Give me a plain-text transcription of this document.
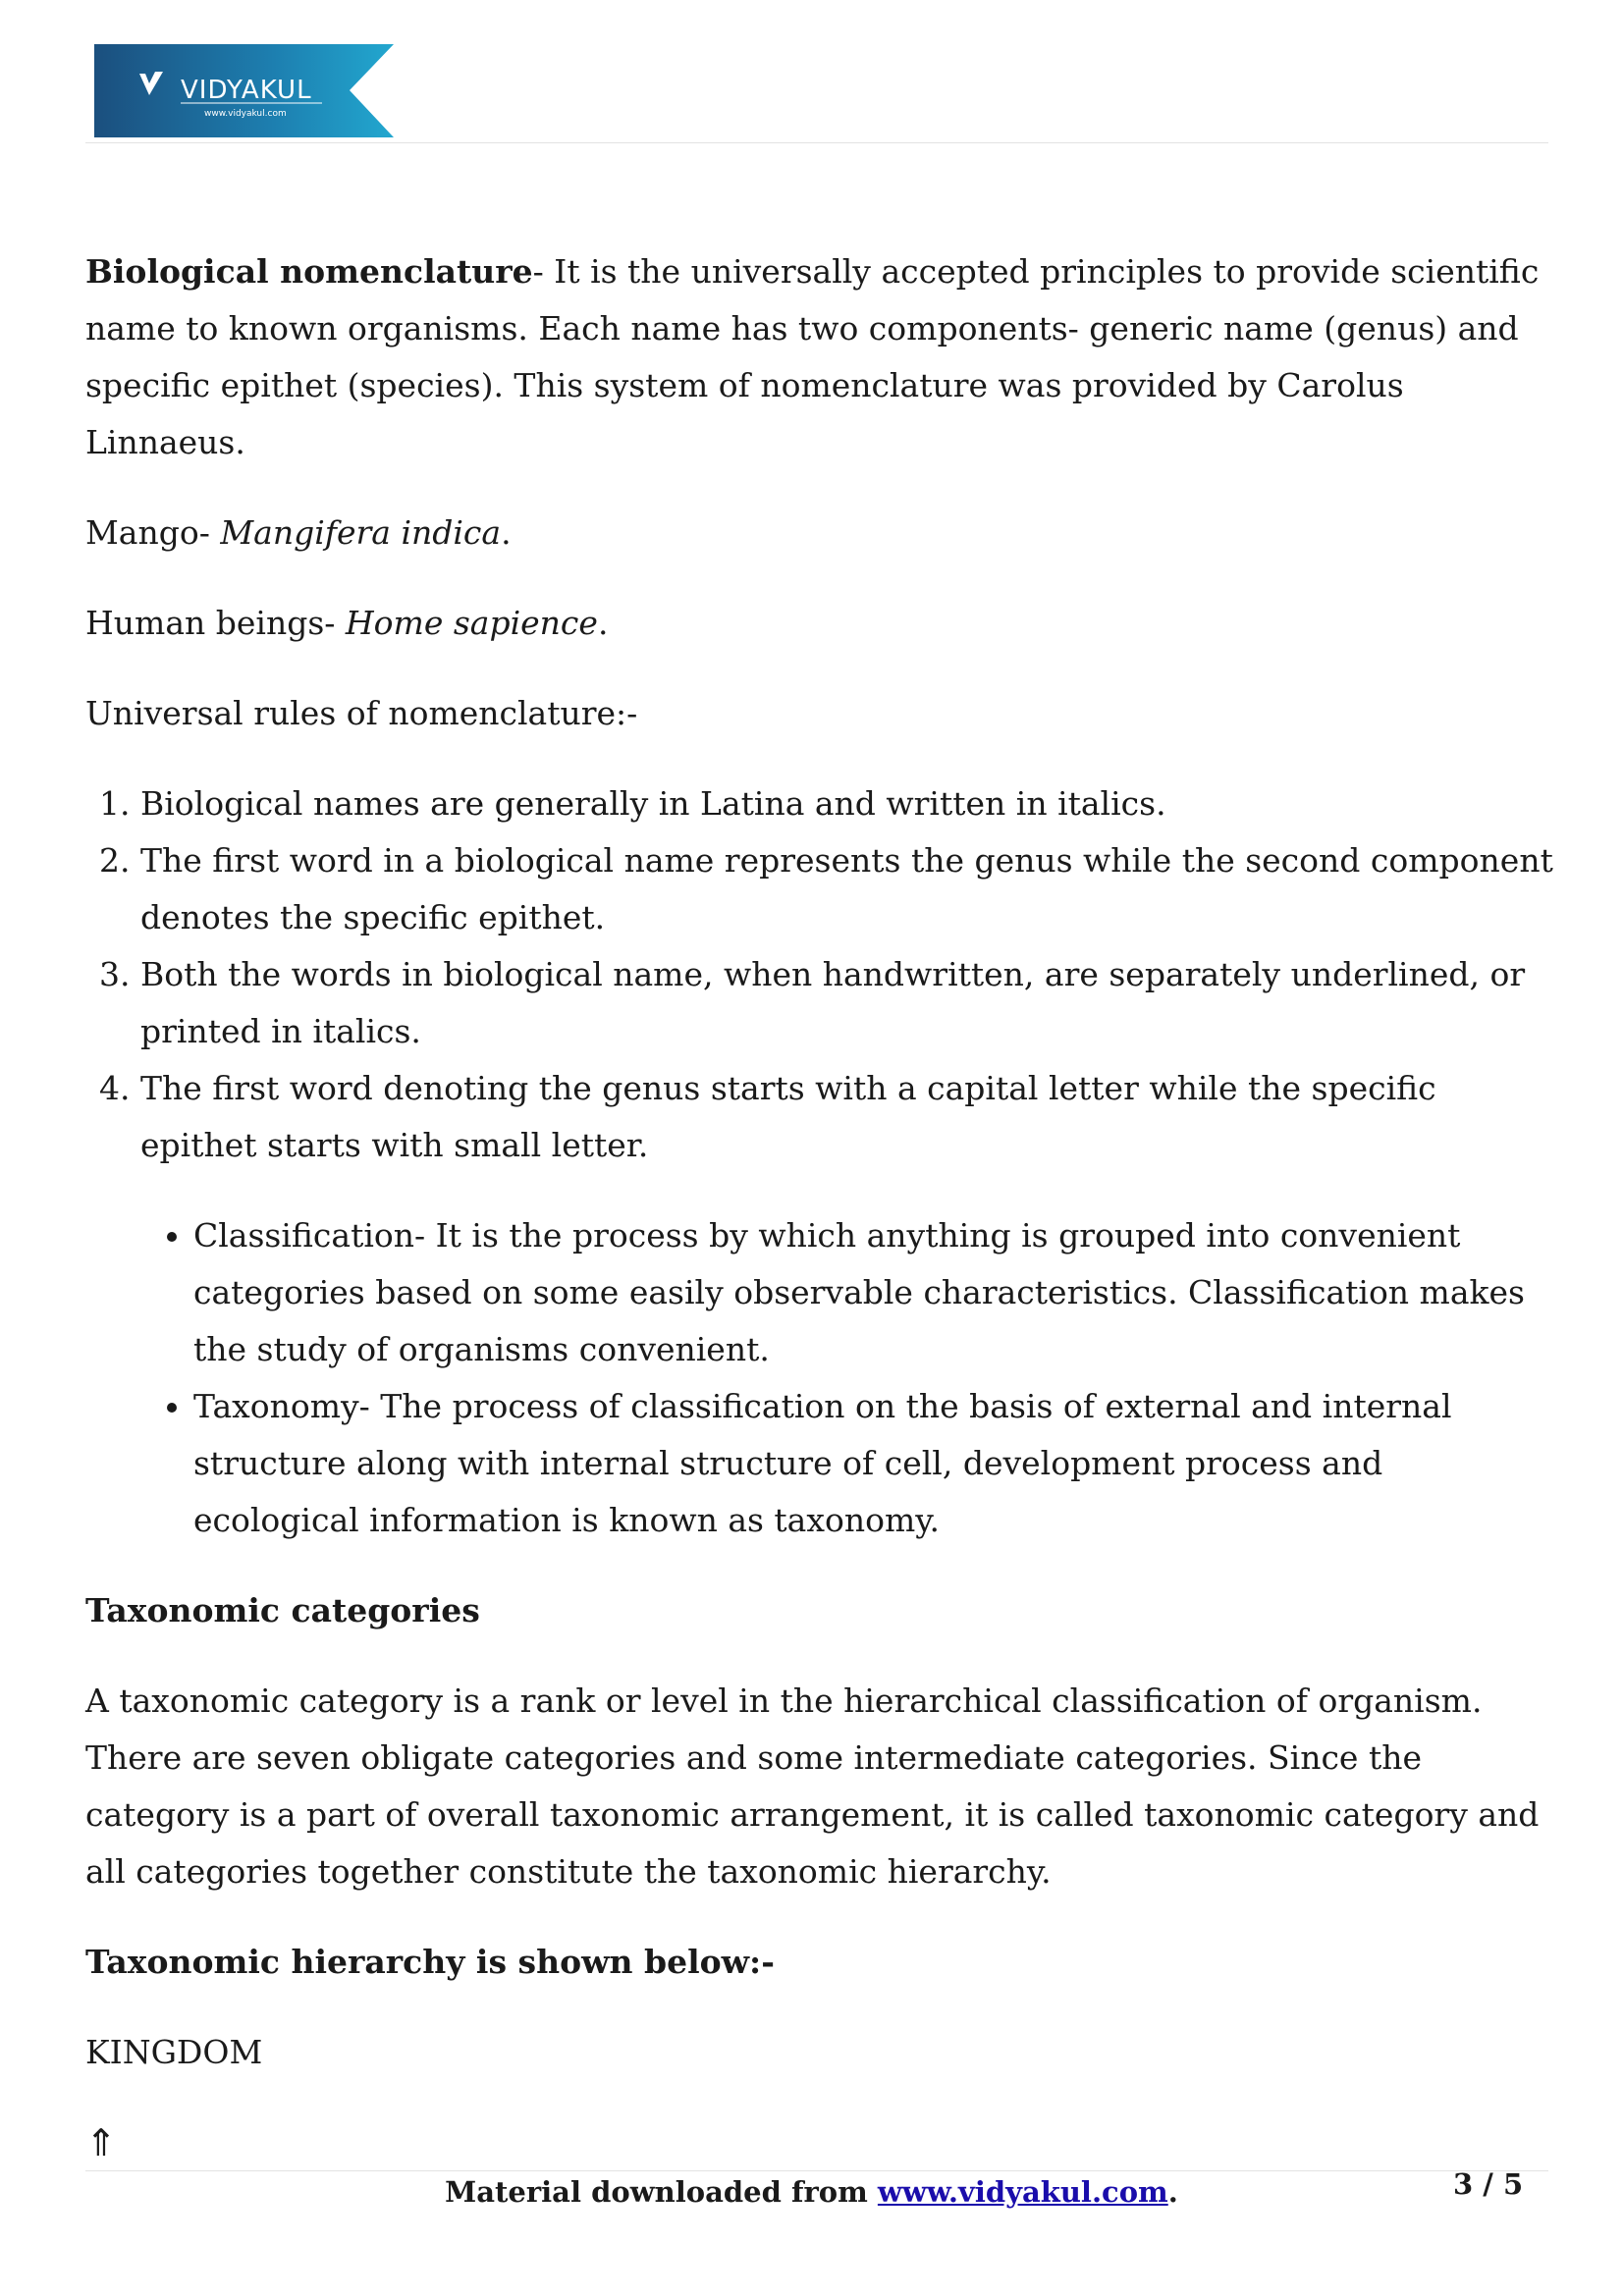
VIDYAKUL
www.vidyakul.com

Biological nomenclature- It is the universally accepted principles to provide scientific name to known organisms. Each name has two components- generic name (genus) and specific epithet (species). This system of nomenclature was provided by Carolus Linnaeus.

Mango- Mangifera indica.

Human beings- Home sapience.

Universal rules of nomenclature:-

1. Biological names are generally in Latina and written in italics.
2. The first word in a biological name represents the genus while the second component denotes the specific epithet.
3. Both the words in biological name, when handwritten, are separately underlined, or printed in italics.
4. The first word denoting the genus starts with a capital letter while the specific epithet starts with small letter.
• Classification- It is the process by which anything is grouped into convenient categories based on some easily observable characteristics. Classification makes the study of organisms convenient.
• Taxonomy- The process of classification on the basis of external and internal structure along with internal structure of cell, development process and ecological information is known as taxonomy.

Taxonomic categories

A taxonomic category is a rank or level in the hierarchical classification of organism. There are seven obligate categories and some intermediate categories. Since the category is a part of overall taxonomic arrangement, it is called taxonomic category and all categories together constitute the taxonomic hierarchy.

Taxonomic hierarchy is shown below:-

KINGDOM

⇑

Material downloaded from www.vidyakul.com.	3 / 5
